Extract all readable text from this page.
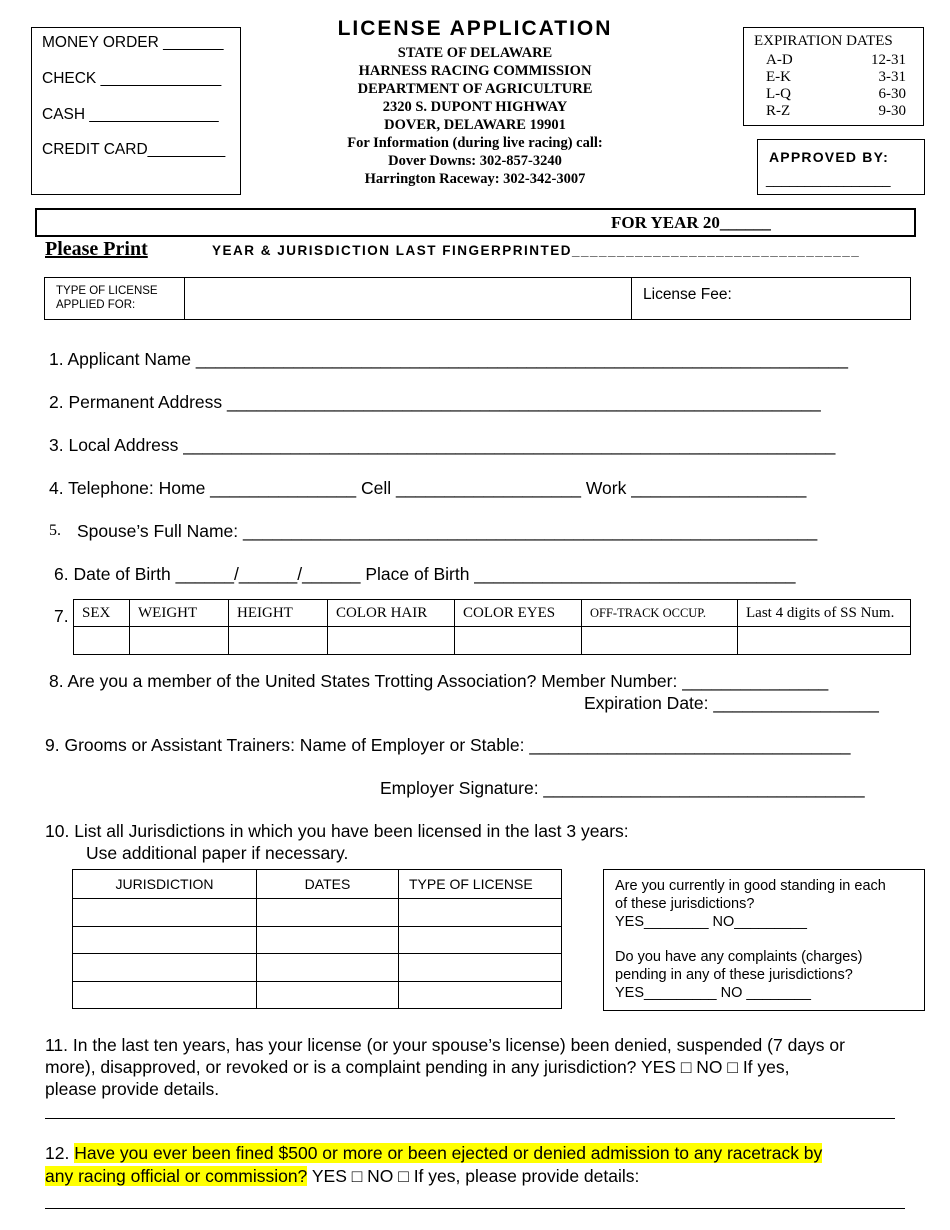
MONEY ORDER _______
CHECK ______________
CASH _______________
CREDIT CARD_________
LICENSE APPLICATION
STATE OF DELAWARE
HARNESS RACING COMMISSION
DEPARTMENT OF AGRICULTURE
2320 S. DUPONT HIGHWAY
DOVER, DELAWARE 19901
For Information (during live racing) call:
Dover Downs: 302-857-3240
Harrington Raceway: 302-342-3007
EXPIRATION DATES
A-D	12-31
E-K	3-31
L-Q	6-30
R-Z	9-30
APPROVED BY:
________________
FOR YEAR 20______
Please Print	YEAR & JURISDICTION LAST FINGERPRINTED________________________________
TYPE OF LICENSE
APPLIED FOR:
License Fee:
1. Applicant Name ___________________________________________________________________
2. Permanent Address _____________________________________________________________
3. Local Address ___________________________________________________________________
4. Telephone: Home _______________ Cell ___________________ Work __________________
5. Spouse’s Full Name: ___________________________________________________________
6. Date of Birth ______/______/______ Place of Birth _________________________________
7. SEX	WEIGHT	HEIGHT	COLOR HAIR	COLOR EYES	OFF-TRACK OCCUP.	Last 4 digits of SS Num.

8. Are you a member of the United States Trotting Association? Member Number: _______________
Expiration Date: _________________
9. Grooms or Assistant Trainers: Name of Employer or Stable: _________________________________
Employer Signature: _________________________________
10. List all Jurisdictions in which you have been licensed in the last 3 years:
Use additional paper if necessary.
JURISDICTION	DATES	TYPE OF LICENSE

			Are you currently in good standing in each
of these jurisdictions?
YES________ NO_________
Do you have any complaints (charges)
pending in any of these jurisdictions?
YES_________ NO ________
11. In the last ten years, has your license (or your spouse’s license) been denied, suspended (7 days or
more), disapproved, or revoked or is a complaint pending in any jurisdiction? YES □ NO □ If yes,
please provide details.
12. Have you ever been fined $500 or more or been ejected or denied admission to any racetrack by
any racing official or commission? YES □ NO □ If yes, please provide details:
